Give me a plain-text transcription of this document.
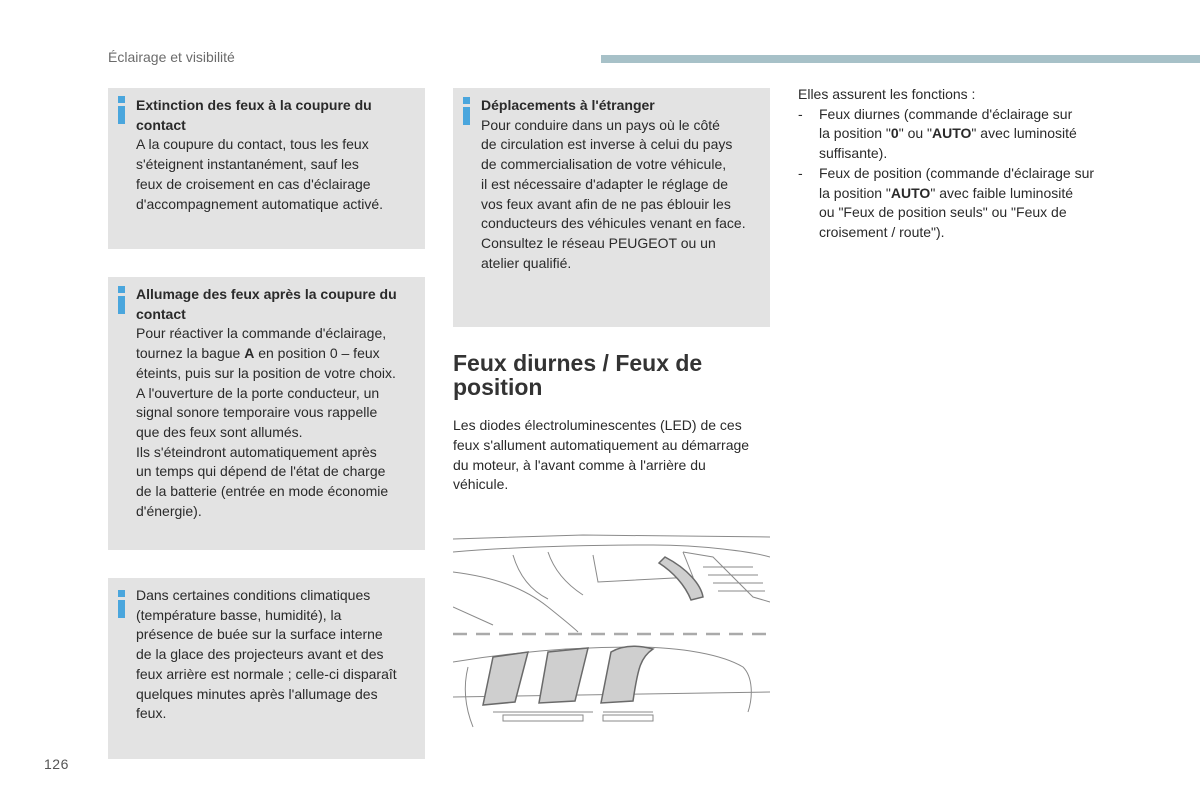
Éclairage et visibilité
Extinction des feux à la coupure du contact
A la coupure du contact, tous les feux
s'éteignent instantanément, sauf les
feux de croisement en cas d'éclairage
d'accompagnement automatique activé.
Allumage des feux après la coupure du contact
Pour réactiver la commande d'éclairage,
tournez la bague A en position 0 – feux
éteints, puis sur la position de votre choix.
A l'ouverture de la porte conducteur, un
signal sonore temporaire vous rappelle
que des feux sont allumés.
Ils s'éteindront automatiquement après
un temps qui dépend de l'état de charge
de la batterie (entrée en mode économie
d'énergie).
Dans certaines conditions climatiques
(température basse, humidité), la
présence de buée sur la surface interne
de la glace des projecteurs avant et des
feux arrière est normale ; celle-ci disparaît
quelques minutes après l'allumage des
feux.
Déplacements à l'étranger
Pour conduire dans un pays où le côté
de circulation est inverse à celui du pays
de commercialisation de votre véhicule,
il est nécessaire d'adapter le réglage de
vos feux avant afin de ne pas éblouir les
conducteurs des véhicules venant en face.
Consultez le réseau PEUGEOT ou un
atelier qualifié.
Feux diurnes / Feux de
position
Les diodes électroluminescentes (LED) de ces
feux s'allument automatiquement au démarrage
du moteur, à l'avant comme à l'arrière du
véhicule.
Elles assurent les fonctions :
- Feux diurnes (commande d'éclairage sur
la position "0" ou "AUTO" avec luminosité
suffisante).
- Feux de position (commande d'éclairage sur
la position "AUTO" avec faible luminosité
ou "Feux de position seuls" ou "Feux de
croisement / route").
126
